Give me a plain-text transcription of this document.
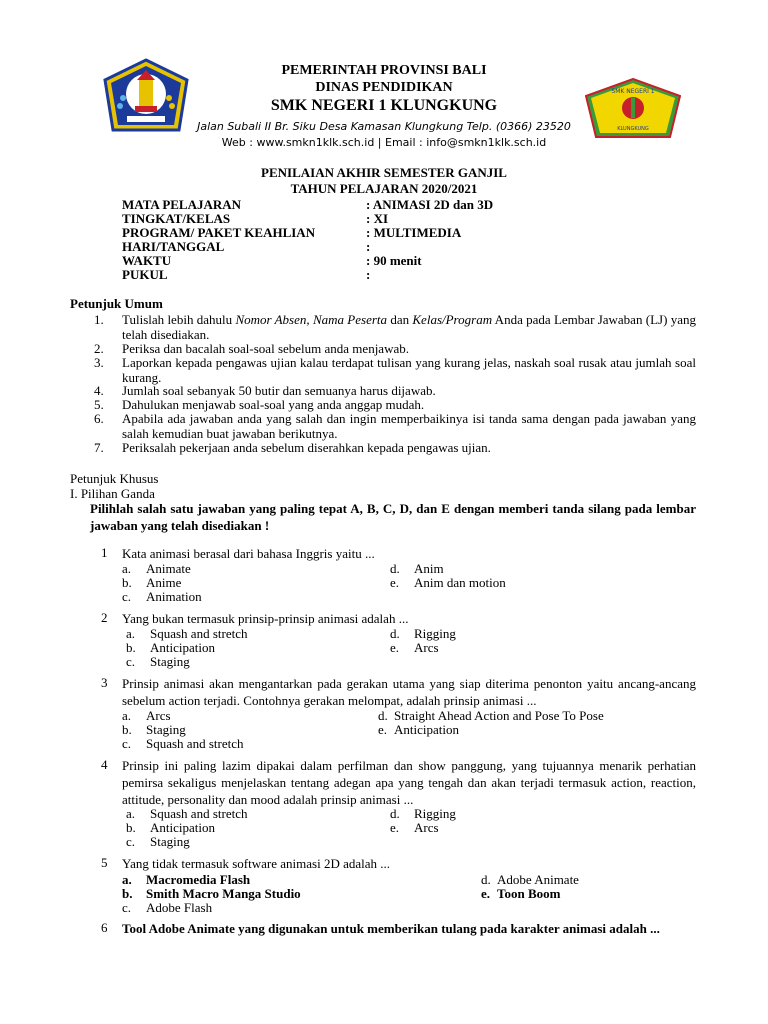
SMK NEGERI 1
KLUNGKUNG
PEMERINTAH PROVINSI BALI
DINAS PENDIDIKAN
SMK NEGERI 1 KLUNGKUNG
Jalan Subali II Br. Siku Desa Kamasan Klungkung Telp. (0366) 23520
Web : www.smkn1klk.sch.id | Email : info@smkn1klk.sch.id
PENILAIAN AKHIR SEMESTER GANJIL
TAHUN PELAJARAN 2020/2021
MATA PELAJARAN	: ANIMASI 2D dan 3D
TINGKAT/KELAS	: XI
PROGRAM/ PAKET KEAHLIAN	: MULTIMEDIA
HARI/TANGGAL	:
WAKTU	: 90 menit
PUKUL	:
Petunjuk Umum
1. Tulislah lebih dahulu Nomor Absen, Nama Peserta dan Kelas/Program Anda pada Lembar Jawaban (LJ) yang telah disediakan.
2. Periksa dan bacalah soal-soal sebelum anda menjawab.
3. Laporkan kepada pengawas ujian kalau terdapat tulisan yang kurang jelas, naskah soal rusak atau jumlah soal kurang.
4. Jumlah soal sebanyak 50 butir dan semuanya harus dijawab.
5. Dahulukan menjawab soal-soal yang anda anggap mudah.
6. Apabila ada jawaban anda yang salah dan ingin memperbaikinya isi tanda sama dengan pada jawaban yang salah kemudian buat jawaban berikutnya.
7. Periksalah pekerjaan anda sebelum diserahkan kepada pengawas ujian.
Petunjuk Khusus
I. Pilihan Ganda
Pilihlah salah satu jawaban yang paling tepat A, B, C, D, dan E dengan memberi tanda silang pada lembar jawaban yang telah disediakan !
1 Kata animasi berasal dari bahasa Inggris yaitu ...
a. Animate
b. Anime
c. Animation
d. Anim
e. Anim dan motion
2 Yang bukan termasuk prinsip-prinsip animasi adalah ...
a. Squash and stretch
b. Anticipation
c. Staging
d. Rigging
e. Arcs
3 Prinsip animasi akan mengantarkan pada gerakan utama yang siap diterima penonton yaitu ancang-ancang sebelum action terjadi. Contohnya gerakan melompat, adalah prinsip animasi ...
a. Arcs
b. Staging
c. Squash and stretch
d. Straight Ahead Action and Pose To Pose
e. Anticipation
4 Prinsip ini paling lazim dipakai dalam perfilman dan show panggung, yang tujuannya menarik perhatian pemirsa sekaligus menjelaskan tentang adegan apa yang tengah dan akan terjadi termasuk action, reaction, attitude, personality dan mood adalah prinsip animasi ...
a. Squash and stretch
b. Anticipation
c. Staging
d. Rigging
e. Arcs
5 Yang tidak termasuk software animasi 2D adalah ...
a. Macromedia Flash
b. Smith Macro Manga Studio
c. Adobe Flash
d. Adobe Animate
e. Toon Boom
6 Tool Adobe Animate yang digunakan untuk memberikan tulang pada karakter animasi adalah ...
